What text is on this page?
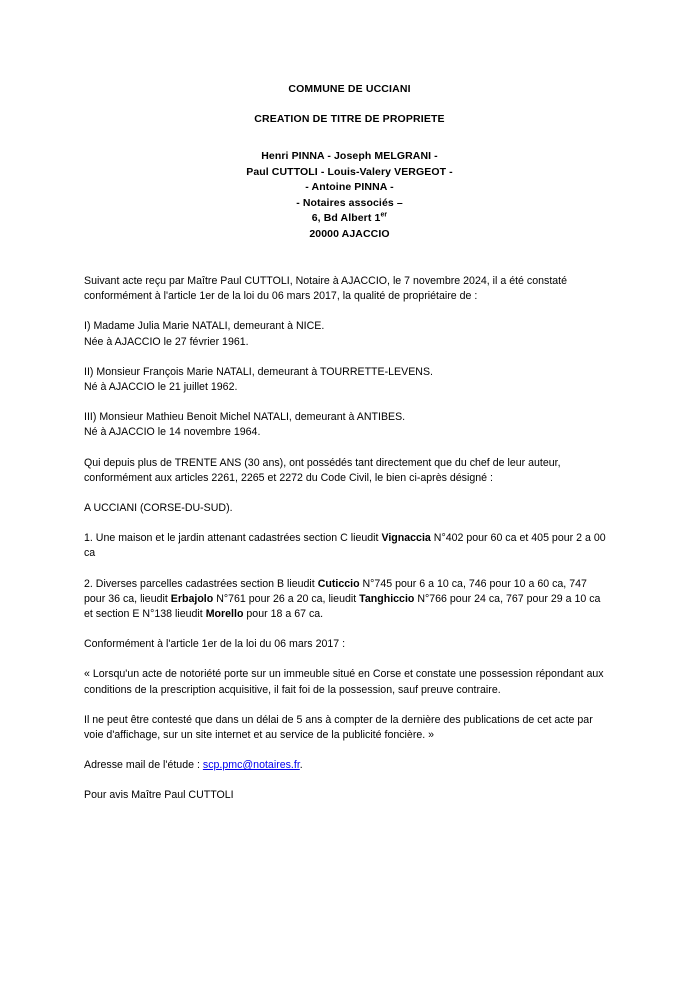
COMMUNE DE UCCIANI
CREATION DE TITRE DE PROPRIETE
Henri PINNA - Joseph MELGRANI -
Paul CUTTOLI - Louis-Valery VERGEOT -
- Antoine PINNA -
- Notaires associés –
6, Bd Albert 1er
20000 AJACCIO

Suivant acte reçu par Maître Paul CUTTOLI, Notaire à AJACCIO, le 7 novembre 2024, il a été constaté conformément à l'article 1er de la loi du 06 mars 2017, la qualité de propriétaire de :

I) Madame Julia Marie NATALI, demeurant à NICE.
Née à AJACCIO le 27 février 1961.

II) Monsieur François Marie NATALI, demeurant à TOURRETTE-LEVENS.
Né à AJACCIO le 21 juillet 1962.

III) Monsieur Mathieu Benoit Michel NATALI, demeurant à ANTIBES.
Né à AJACCIO le 14 novembre 1964.

Qui depuis plus de TRENTE ANS (30 ans), ont possédés tant directement que du chef de leur auteur, conformément aux articles 2261, 2265 et 2272 du Code Civil, le bien ci-après désigné :

A UCCIANI (CORSE-DU-SUD).

1. Une maison et le jardin attenant cadastrées section C lieudit Vignaccia N°402 pour 60 ca et 405 pour 2 a 00 ca

2. Diverses parcelles cadastrées section B lieudit Cuticcio N°745 pour 6 a 10 ca, 746 pour 10 a 60 ca, 747 pour 36 ca, lieudit Erbajolo N°761 pour 26 a 20 ca, lieudit Tanghiccio N°766 pour 24 ca, 767 pour 29 a 10 ca et section E N°138 lieudit Morello pour 18 a 67 ca.

Conformément à l'article 1er de la loi du 06 mars 2017 :

« Lorsqu'un acte de notoriété porte sur un immeuble situé en Corse et constate une possession répondant aux conditions de la prescription acquisitive, il fait foi de la possession, sauf preuve contraire.

Il ne peut être contesté que dans un délai de 5 ans à compter de la dernière des publications de cet acte par voie d'affichage, sur un site internet et au service de la publicité foncière. »

Adresse mail de l'étude : scp.pmc@notaires.fr.

Pour avis Maître Paul CUTTOLI
